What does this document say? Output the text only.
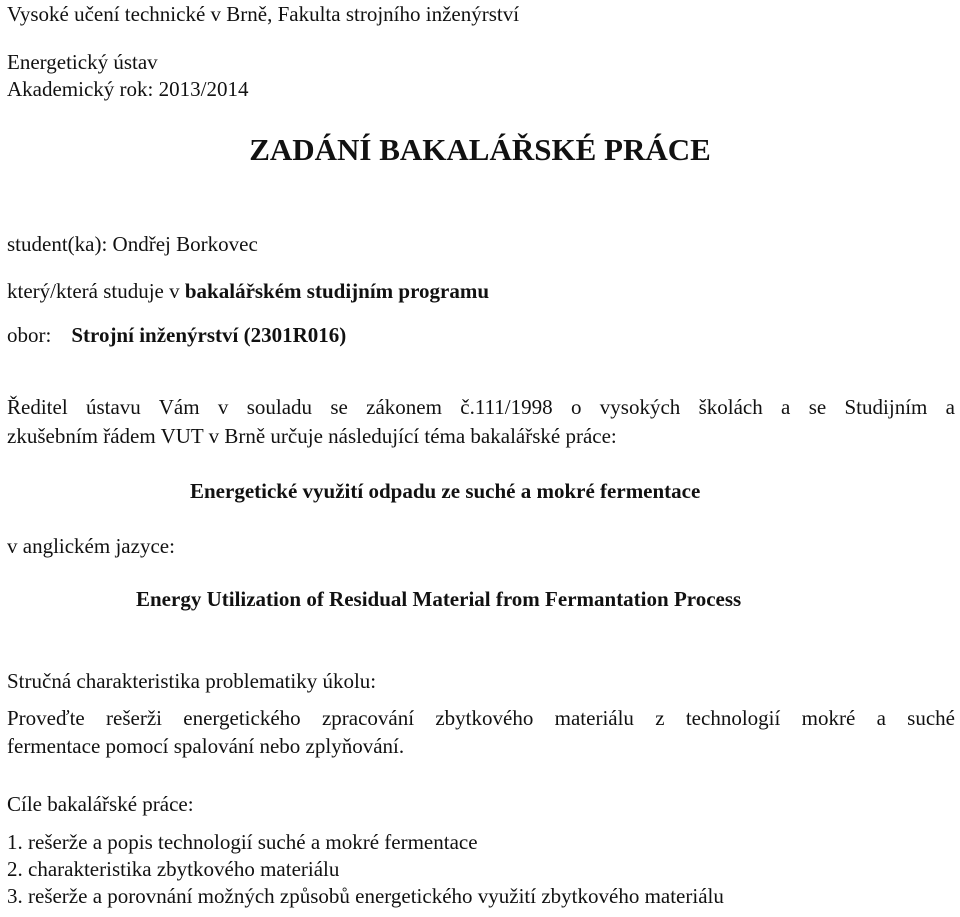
Vysoké učení technické v Brně, Fakulta strojního inženýrství
Energetický ústav
Akademický rok: 2013/2014
ZADÁNÍ BAKALÁŘSKÉ PRÁCE
student(ka): Ondřej Borkovec
který/která studuje v bakalářském studijním programu
obor: Strojní inženýrství (2301R016)
Ředitel ústavu Vám v souladu se zákonem č.111/1998 o vysokých školách a se Studijním a
zkušebním řádem VUT v Brně určuje následující téma bakalářské práce:
Energetické využití odpadu ze suché a mokré fermentace
v anglickém jazyce:
Energy Utilization of Residual Material from Fermantation Process
Stručná charakteristika problematiky úkolu:
Proveďte rešerži energetického zpracování zbytkového materiálu z technologií mokré a suché
fermentace pomocí spalování nebo zplyňování.
Cíle bakalářské práce:
1. rešerže a popis technologií suché a mokré fermentace
2. charakteristika zbytkového materiálu
3. rešerže a porovnání možných způsobů energetického využití zbytkového materiálu
